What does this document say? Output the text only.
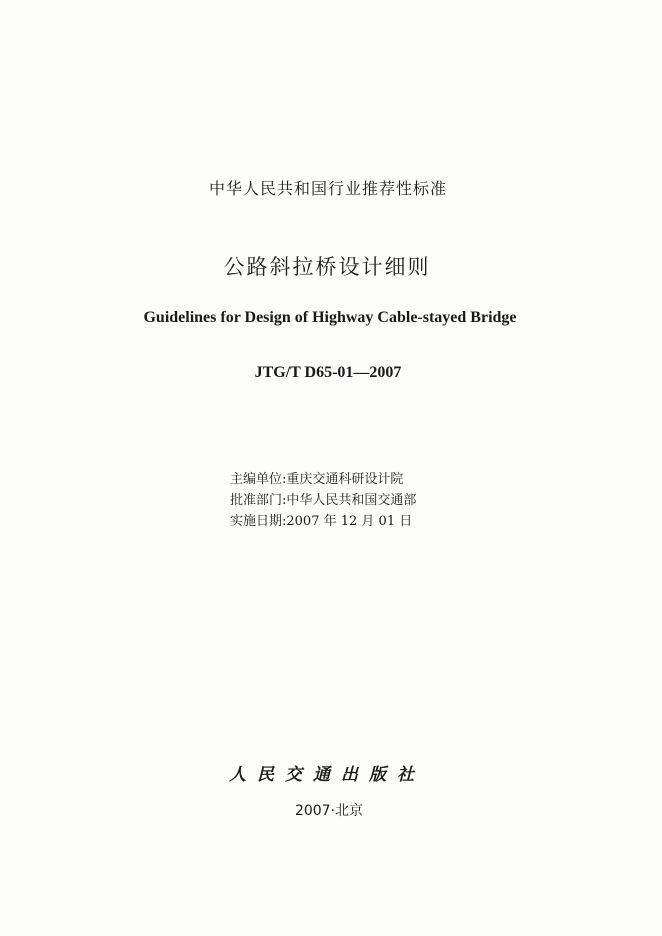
中华人民共和国行业推荐性标准
公路斜拉桥设计细则
Guidelines for Design of Highway Cable-stayed Bridge
JTG/T D65-01—2007
主编单位:重庆交通科研设计院
批准部门:中华人民共和国交通部
实施日期:2007 年 12 月 01 日
人民交通出版社
2007·北京
